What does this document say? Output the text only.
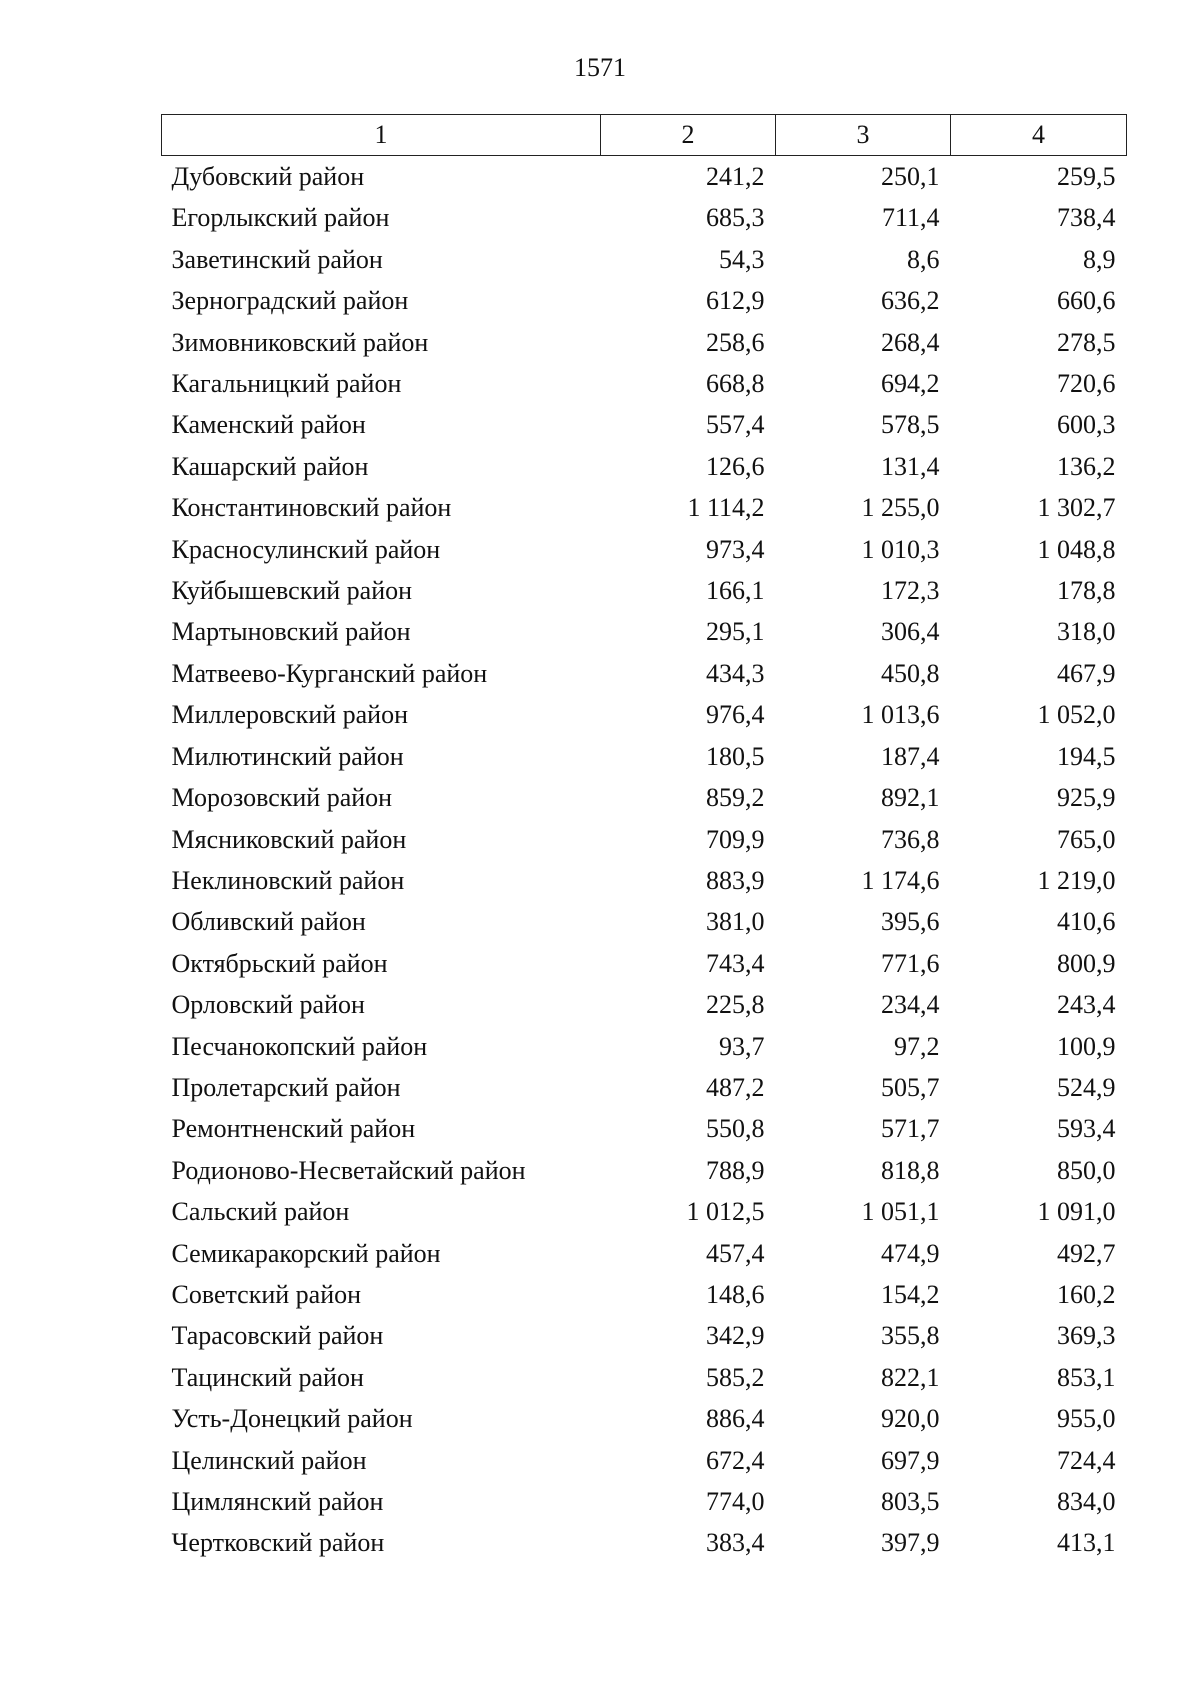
1571
1	2	3	4
Дубовский район	241,2	250,1	259,5
Егорлыкский район	685,3	711,4	738,4
Заветинский район	54,3	8,6	8,9
Зерноградский район	612,9	636,2	660,6
Зимовниковский район	258,6	268,4	278,5
Кагальницкий район	668,8	694,2	720,6
Каменский район	557,4	578,5	600,3
Кашарский район	126,6	131,4	136,2
Константиновский район	1 114,2	1 255,0	1 302,7
Красносулинский район	973,4	1 010,3	1 048,8
Куйбышевский район	166,1	172,3	178,8
Мартыновский район	295,1	306,4	318,0
Матвеево-Курганский район	434,3	450,8	467,9
Миллеровский район	976,4	1 013,6	1 052,0
Милютинский район	180,5	187,4	194,5
Морозовский район	859,2	892,1	925,9
Мясниковский район	709,9	736,8	765,0
Неклиновский район	883,9	1 174,6	1 219,0
Обливский район	381,0	395,6	410,6
Октябрьский район	743,4	771,6	800,9
Орловский район	225,8	234,4	243,4
Песчанокопский район	93,7	97,2	100,9
Пролетарский район	487,2	505,7	524,9
Ремонтненский район	550,8	571,7	593,4
Родионово-Несветайский район	788,9	818,8	850,0
Сальский район	1 012,5	1 051,1	1 091,0
Семикаракорский район	457,4	474,9	492,7
Советский район	148,6	154,2	160,2
Тарасовский район	342,9	355,8	369,3
Тацинский район	585,2	822,1	853,1
Усть-Донецкий район	886,4	920,0	955,0
Целинский район	672,4	697,9	724,4
Цимлянский район	774,0	803,5	834,0
Чертковский район	383,4	397,9	413,1
